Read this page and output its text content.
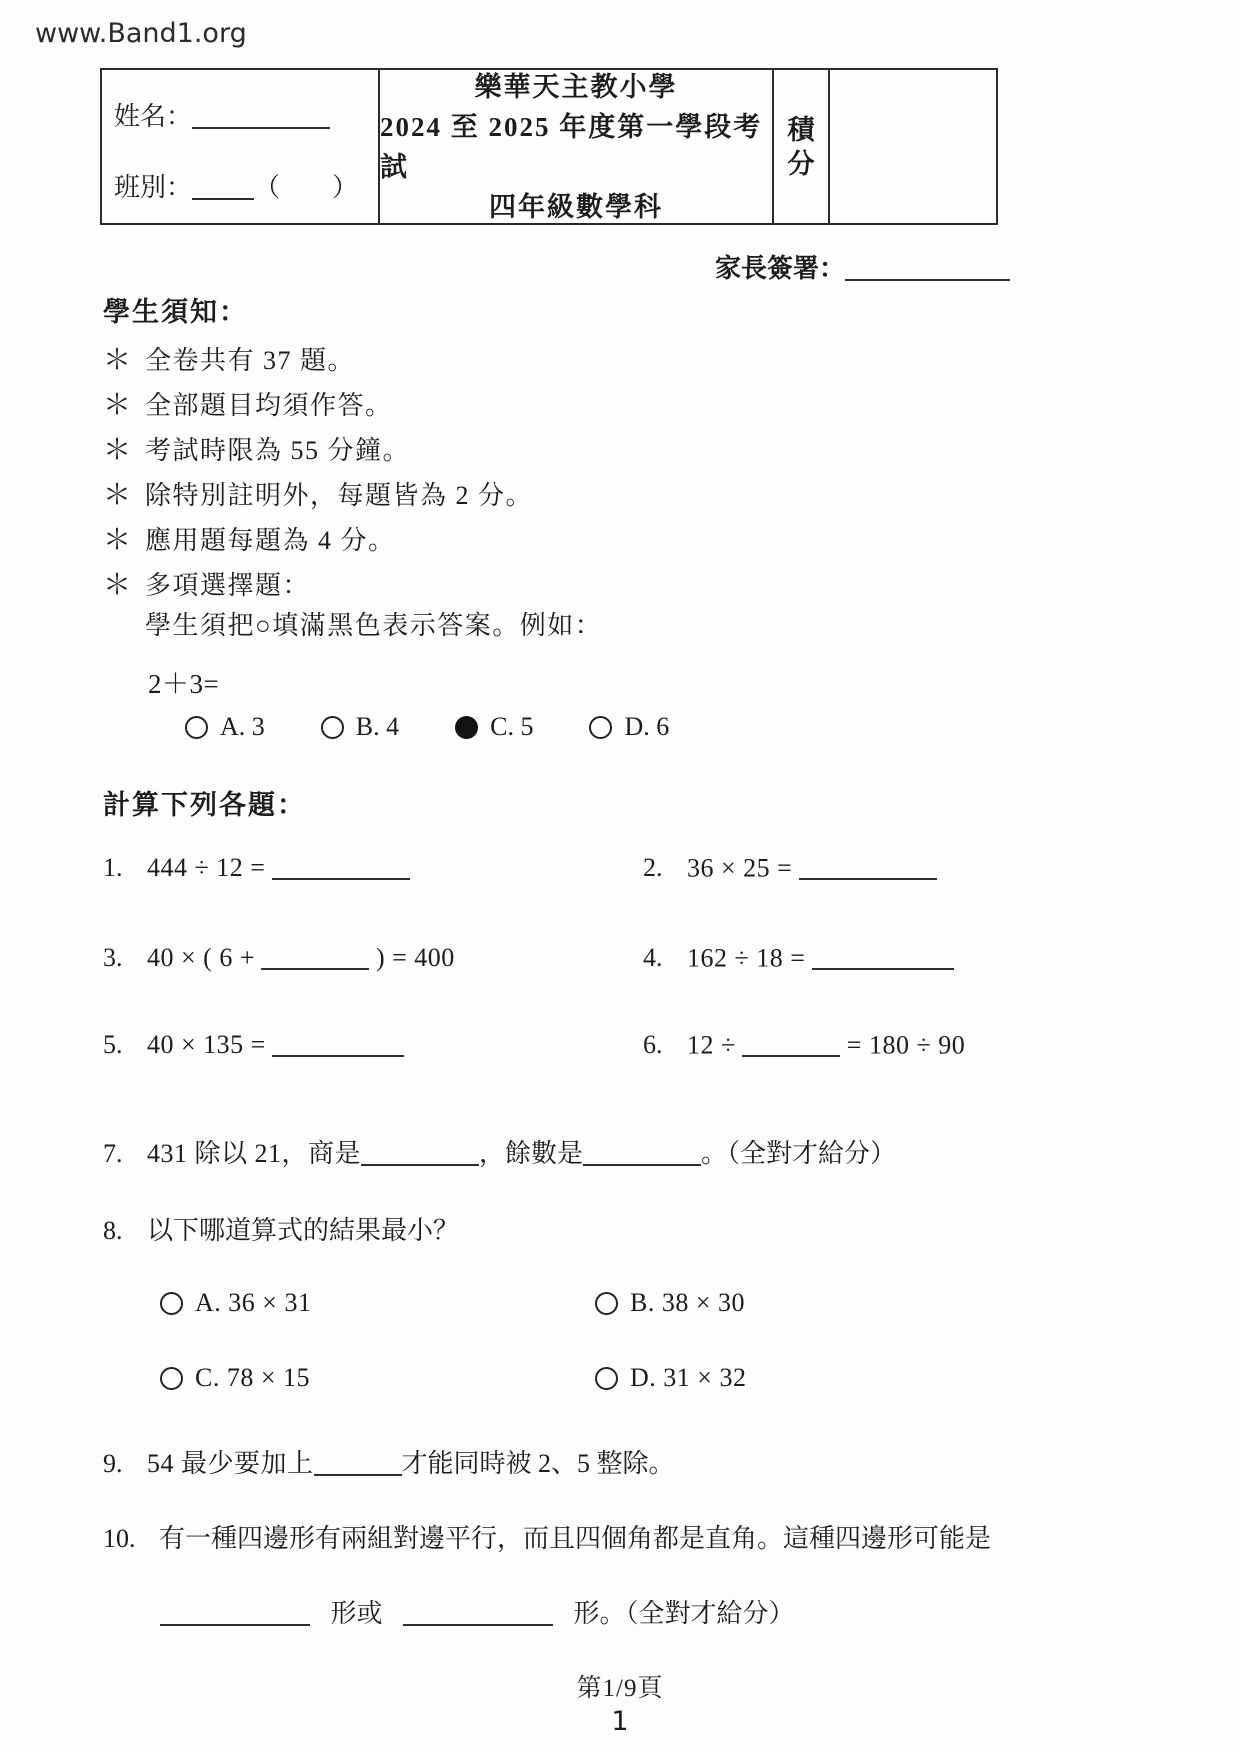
www.Band1.org
姓名：
班別： （　　）
樂華天主教小學
2024 至 2025 年度第一學段考試
四年級數學科
積
分
家長簽署：
學生須知：
＊ 全卷共有 37 題。
＊ 全部題目均須作答。
＊ 考試時限為 55 分鐘。
＊ 除特別註明外，每題皆為 2 分。
＊ 應用題每題為 4 分。
＊ 多項選擇題：
學生須把○填滿黑色表示答案。例如：
2＋3=
A. 3	B. 4	C. 5	D. 6
計算下列各題：
1. 444 ÷ 12 =	2. 36 × 25 =
3. 40 × ( 6 +	) = 400	4. 162 ÷ 18 =
5. 40 × 135 =	6. 12 ÷	= 180 ÷ 90
7. 431 除以 21，商是	，餘數是	。（全對才給分）
8. 以下哪道算式的結果最小？
A. 36 × 31	B. 38 × 30
C. 78 × 15	D. 31 × 32
9. 54 最少要加上	才能同時被 2、5 整除。
10. 有一種四邊形有兩組對邊平行，而且四個角都是直角。這種四邊形可能是
形或	形。（全對才給分）
第1/9頁
1
